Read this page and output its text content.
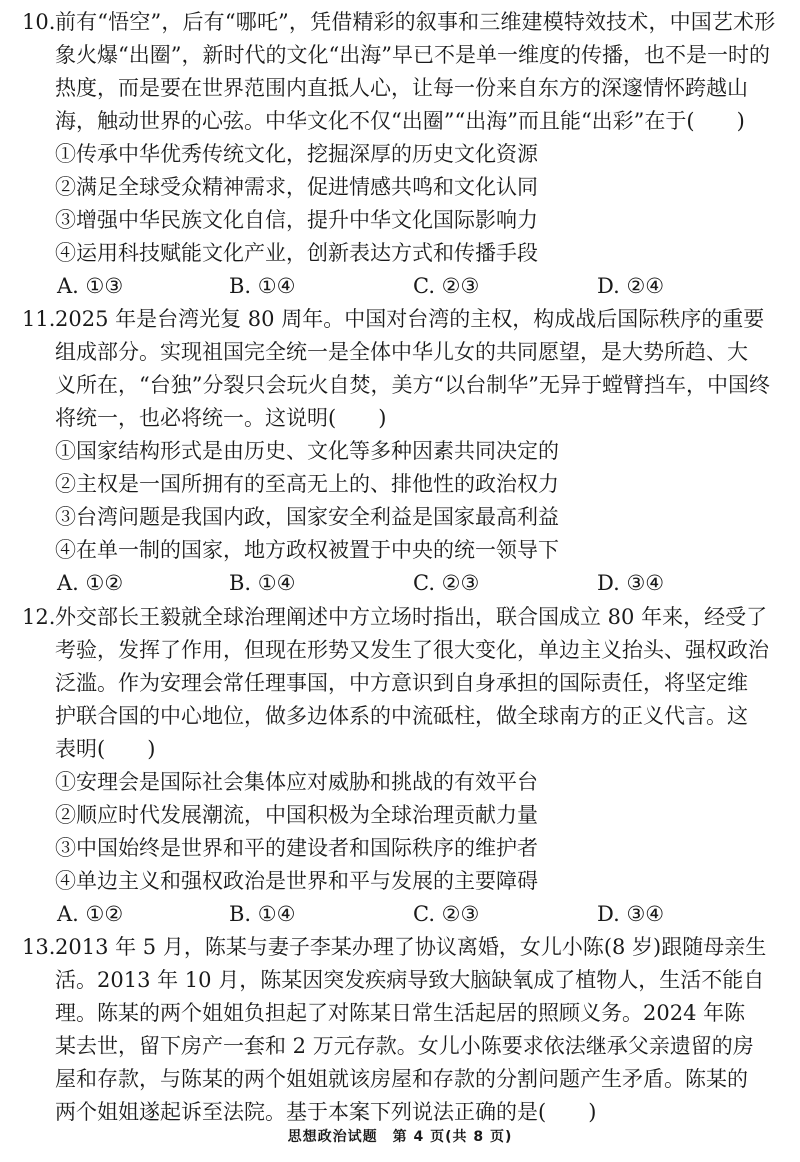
10. 前有“悟空”，后有“哪吒”，凭借精彩的叙事和三维建模特效技术，中国艺术形
象火爆“出圈”，新时代的文化“出海”早已不是单一维度的传播，也不是一时的
热度，而是要在世界范围内直抵人心，让每一份来自东方的深邃情怀跨越山
海，触动世界的心弦。中华文化不仅“出圈”“出海”而且能“出彩”在于(　　)
①传承中华优秀传统文化，挖掘深厚的历史文化资源
②满足全球受众精神需求，促进情感共鸣和文化认同
③增强中华民族文化自信，提升中华文化国际影响力
④运用科技赋能文化产业，创新表达方式和传播手段
A. ①③	B. ①④	C. ②③	D. ②④
11. 2025 年是台湾光复 80 周年。中国对台湾的主权，构成战后国际秩序的重要
组成部分。实现祖国完全统一是全体中华儿女的共同愿望，是大势所趋、大
义所在，“台独”分裂只会玩火自焚，美方“以台制华”无异于螳臂挡车，中国终
将统一，也必将统一。这说明(　　)
①国家结构形式是由历史、文化等多种因素共同决定的
②主权是一国所拥有的至高无上的、排他性的政治权力
③台湾问题是我国内政，国家安全利益是国家最高利益
④在单一制的国家，地方政权被置于中央的统一领导下
A. ①②	B. ①④	C. ②③	D. ③④
12. 外交部长王毅就全球治理阐述中方立场时指出，联合国成立 80 年来，经受了
考验，发挥了作用，但现在形势又发生了很大变化，单边主义抬头、强权政治
泛滥。作为安理会常任理事国，中方意识到自身承担的国际责任，将坚定维
护联合国的中心地位，做多边体系的中流砥柱，做全球南方的正义代言。这
表明(　　)
①安理会是国际社会集体应对威胁和挑战的有效平台
②顺应时代发展潮流，中国积极为全球治理贡献力量
③中国始终是世界和平的建设者和国际秩序的维护者
④单边主义和强权政治是世界和平与发展的主要障碍
A. ①②	B. ①④	C. ②③	D. ③④
13. 2013 年 5 月，陈某与妻子李某办理了协议离婚，女儿小陈(8 岁)跟随母亲生
活。2013 年 10 月，陈某因突发疾病导致大脑缺氧成了植物人，生活不能自
理。陈某的两个姐姐负担起了对陈某日常生活起居的照顾义务。2024 年陈
某去世，留下房产一套和 2 万元存款。女儿小陈要求依法继承父亲遗留的房
屋和存款，与陈某的两个姐姐就该房屋和存款的分割问题产生矛盾。陈某的
两个姐姐遂起诉至法院。基于本案下列说法正确的是(　　)
思想政治试题　第 4 页(共 8 页)
